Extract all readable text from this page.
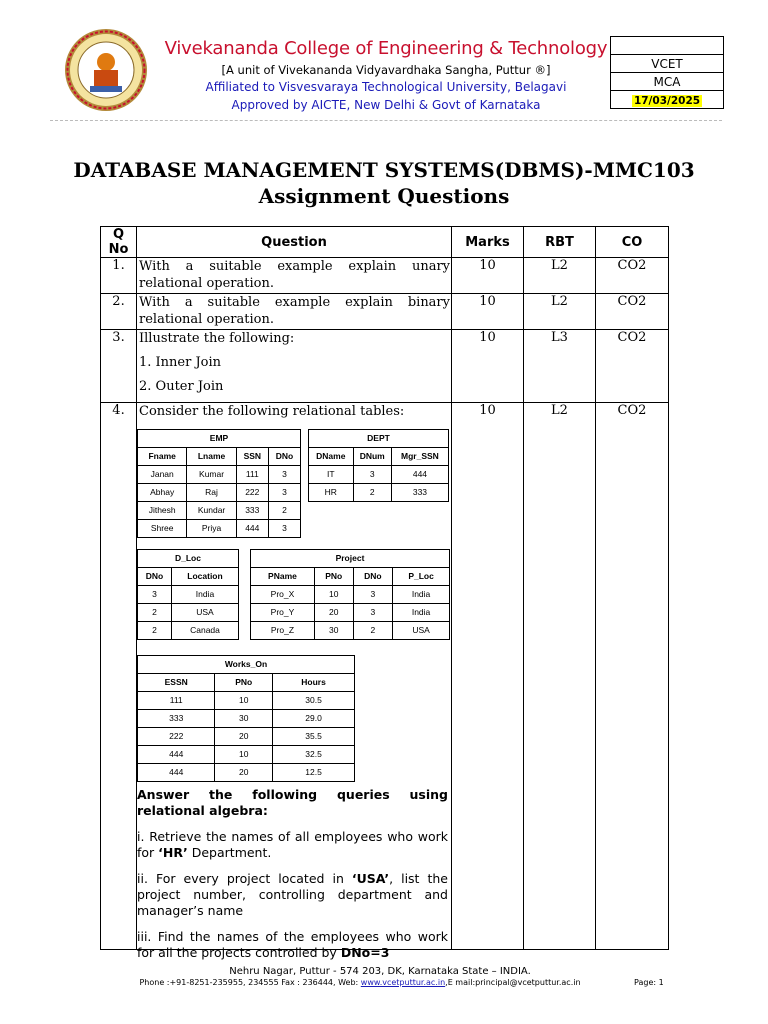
Vivekananda College of Engineering & Technology
[A unit of Vivekananda Vidyavardhaka Sangha, Puttur ®]
Affiliated to Visvesvaraya Technological University, Belagavi
Approved by AICTE, New Delhi & Govt of Karnataka

VCET
MCA
17/03/2025
DATABASE MANAGEMENT SYSTEMS(DBMS)-MMC103
Assignment Questions
Q No	Question	Marks	RBT	CO
1.	With a suitable example explain unary relational operation.	10	L2	CO2
2.	With a suitable example explain binary relational operation.	10	L2	CO2
3.	Illustrate the following:

1. Inner Join

2. Outer Join

	10	L3	CO2
4.	Consider the following relational tables:
EMP
Fname	Lname	SSN	DNo
Janan	Kumar	111	3
Abhay	Raj	222	3
Jithesh	Kundar	333	2
Shree	Priya	444	3
DEPT
DName	DNum	Mgr_SSN
IT	3	444
HR	2	333
D_Loc
DNo	Location
3	India
2	USA
2	Canada
Project
PName	PNo	DNo	P_Loc
Pro_X	10	3	India
Pro_Y	20	3	India
Pro_Z	30	2	USA
Works_On
ESSN	PNo	Hours
111	10	30.5
333	30	29.0
222	20	35.5
444	10	32.5
444	20	12.5
Answer the following queries using relational algebra:
i. Retrieve the names of all employees who work for ‘HR’ Department.
ii. For every project located in ‘USA’, list the project number, controlling department and manager’s name
iii. Find the names of the employees who work for all the projects controlled by DNo=3
	10	L2	CO2
Nehru Nagar, Puttur - 574 203, DK, Karnataka State – INDIA.
Phone :+91-8251-235955, 234555 Fax : 236444, Web: www.vcetputtur.ac.in,E mail:principal@vcetputtur.ac.in	Page: 1
